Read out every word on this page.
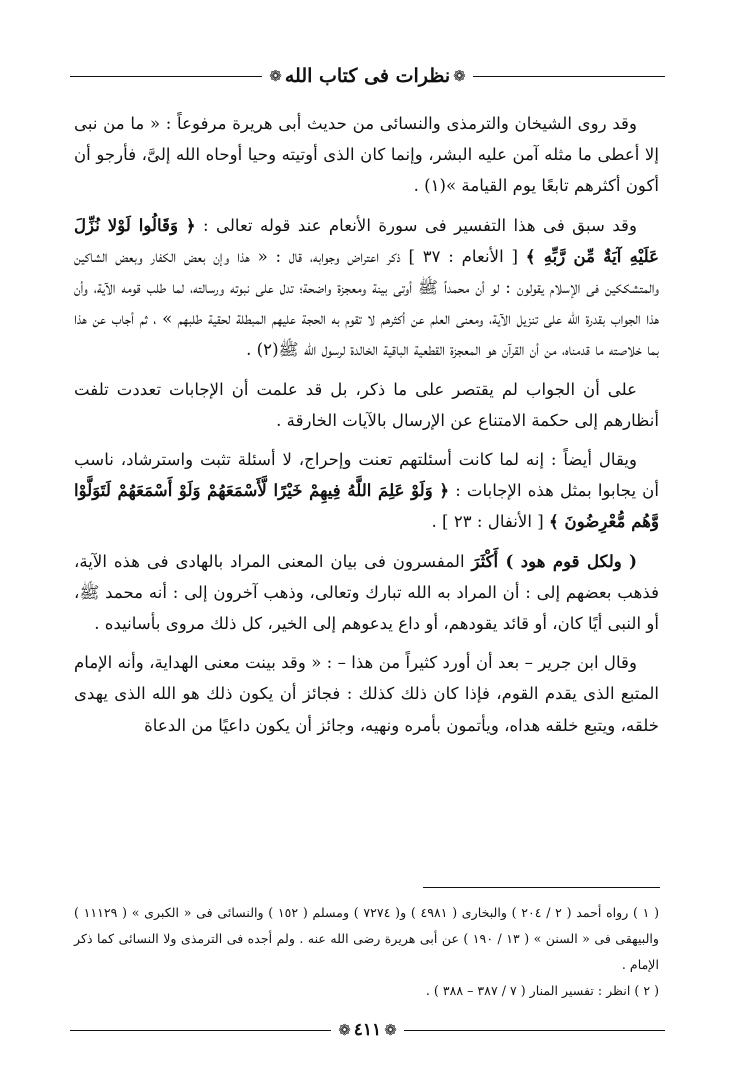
❁
نظرات فى كتاب الله
❁

وقد روى الشيخان والترمذى والنسائى من حديث أبى هريرة مرفوعاً : « ما من نبى إلا أعطى ما مثله آمن عليه البشر، وإنما كان الذى أوتيته وحيا أوحاه الله إلىَّ، فأرجو أن أكون أكثرهم تابعًا يوم القيامة »(١) .

وقد سبق فى هذا التفسير فى سورة الأنعام عند قوله تعالى : ﴿ وَقَالُوا لَوْلا نُزِّلَ عَلَيْهِ آيَةٌ مِّن رَّبِّهِ ﴾ [ الأنعام : ٣٧ ] ذكر اعتراض وجوابه، قال : « هذا وإن بعض الكفار وبعض الشاكين والمتشككين فى الإسلام يقولون : لو أن محمداً ﷺ أوتى بينة ومعجزة واضحة؛ تدل على نبوته ورسالته، لما طلب قومه الآية، وأن هذا الجواب بقدرة الله على تنزيل الآية، ومعنى العلم عن أكثرهم لا تقوم به الحجة عليهم المبطلة لحقية طلبهم » ، ثم أجاب عن هذا بما خلاصته ما قدمناه، من أن القرآن هو المعجزة القطعية الباقية الخالدة لرسول الله ﷺ(٢) .

على أن الجواب لم يقتصر على ما ذكر، بل قد علمت أن الإجابات تعددت تلفت أنظارهم إلى حكمة الامتناع عن الإرسال بالآيات الخارقة .

ويقال أيضاً : إنه لما كانت أسئلتهم تعنت وإحراج، لا أسئلة تثبت واسترشاد، ناسب أن يجابوا بمثل هذه الإجابات : ﴿ وَلَوْ عَلِمَ اللَّهُ فِيهِمْ خَيْرًا لَّأَسْمَعَهُمْ وَلَوْ أَسْمَعَهُمْ لَتَوَلَّوْا وَّهُم مُّعْرِضُونَ ﴾ [ الأنفال : ٢٣ ] .

( ولكل قوم هود ) أَكْثَرَ المفسرون فى بيان المعنى المراد بالهادى فى هذه الآية، فذهب بعضهم إلى : أن المراد به الله تبارك وتعالى، وذهب آخرون إلى : أنه محمد ﷺ، أو النبى أيًا كان، أو قائد يقودهم، أو داع يدعوهم إلى الخير، كل ذلك مروى بأسانيده .

وقال ابن جرير – بعد أن أورد كثيراً من هذا – : « وقد بينت معنى الهداية، وأنه الإمام المتبع الذى يقدم القوم، فإذا كان ذلك كذلك : فجائز أن يكون ذلك هو الله الذى يهدى خلقه، ويتبع خلقه هداه، ويأتمون بأمره ونهيه، وجائز أن يكون داعيًا من الدعاة

( ١ ) رواه أحمد ( ٢ / ٢٠٤ ) والبخارى ( ٤٩٨١ ) و( ٧٢٧٤ ) ومسلم ( ١٥٢ ) والنسائى فى « الكبرى » ( ١١١٢٩ ) والبيهقى فى « السنن » ( ١٣ / ١٩٠ ) عن أبى هريرة رضى الله عنه . ولم أجده فى الترمذى ولا النسائى كما ذكر الإمام .

( ٢ ) انظر : تفسير المنار ( ٧ / ٣٨٧ – ٣٨٨ ) .

❁
٤١١
❁
